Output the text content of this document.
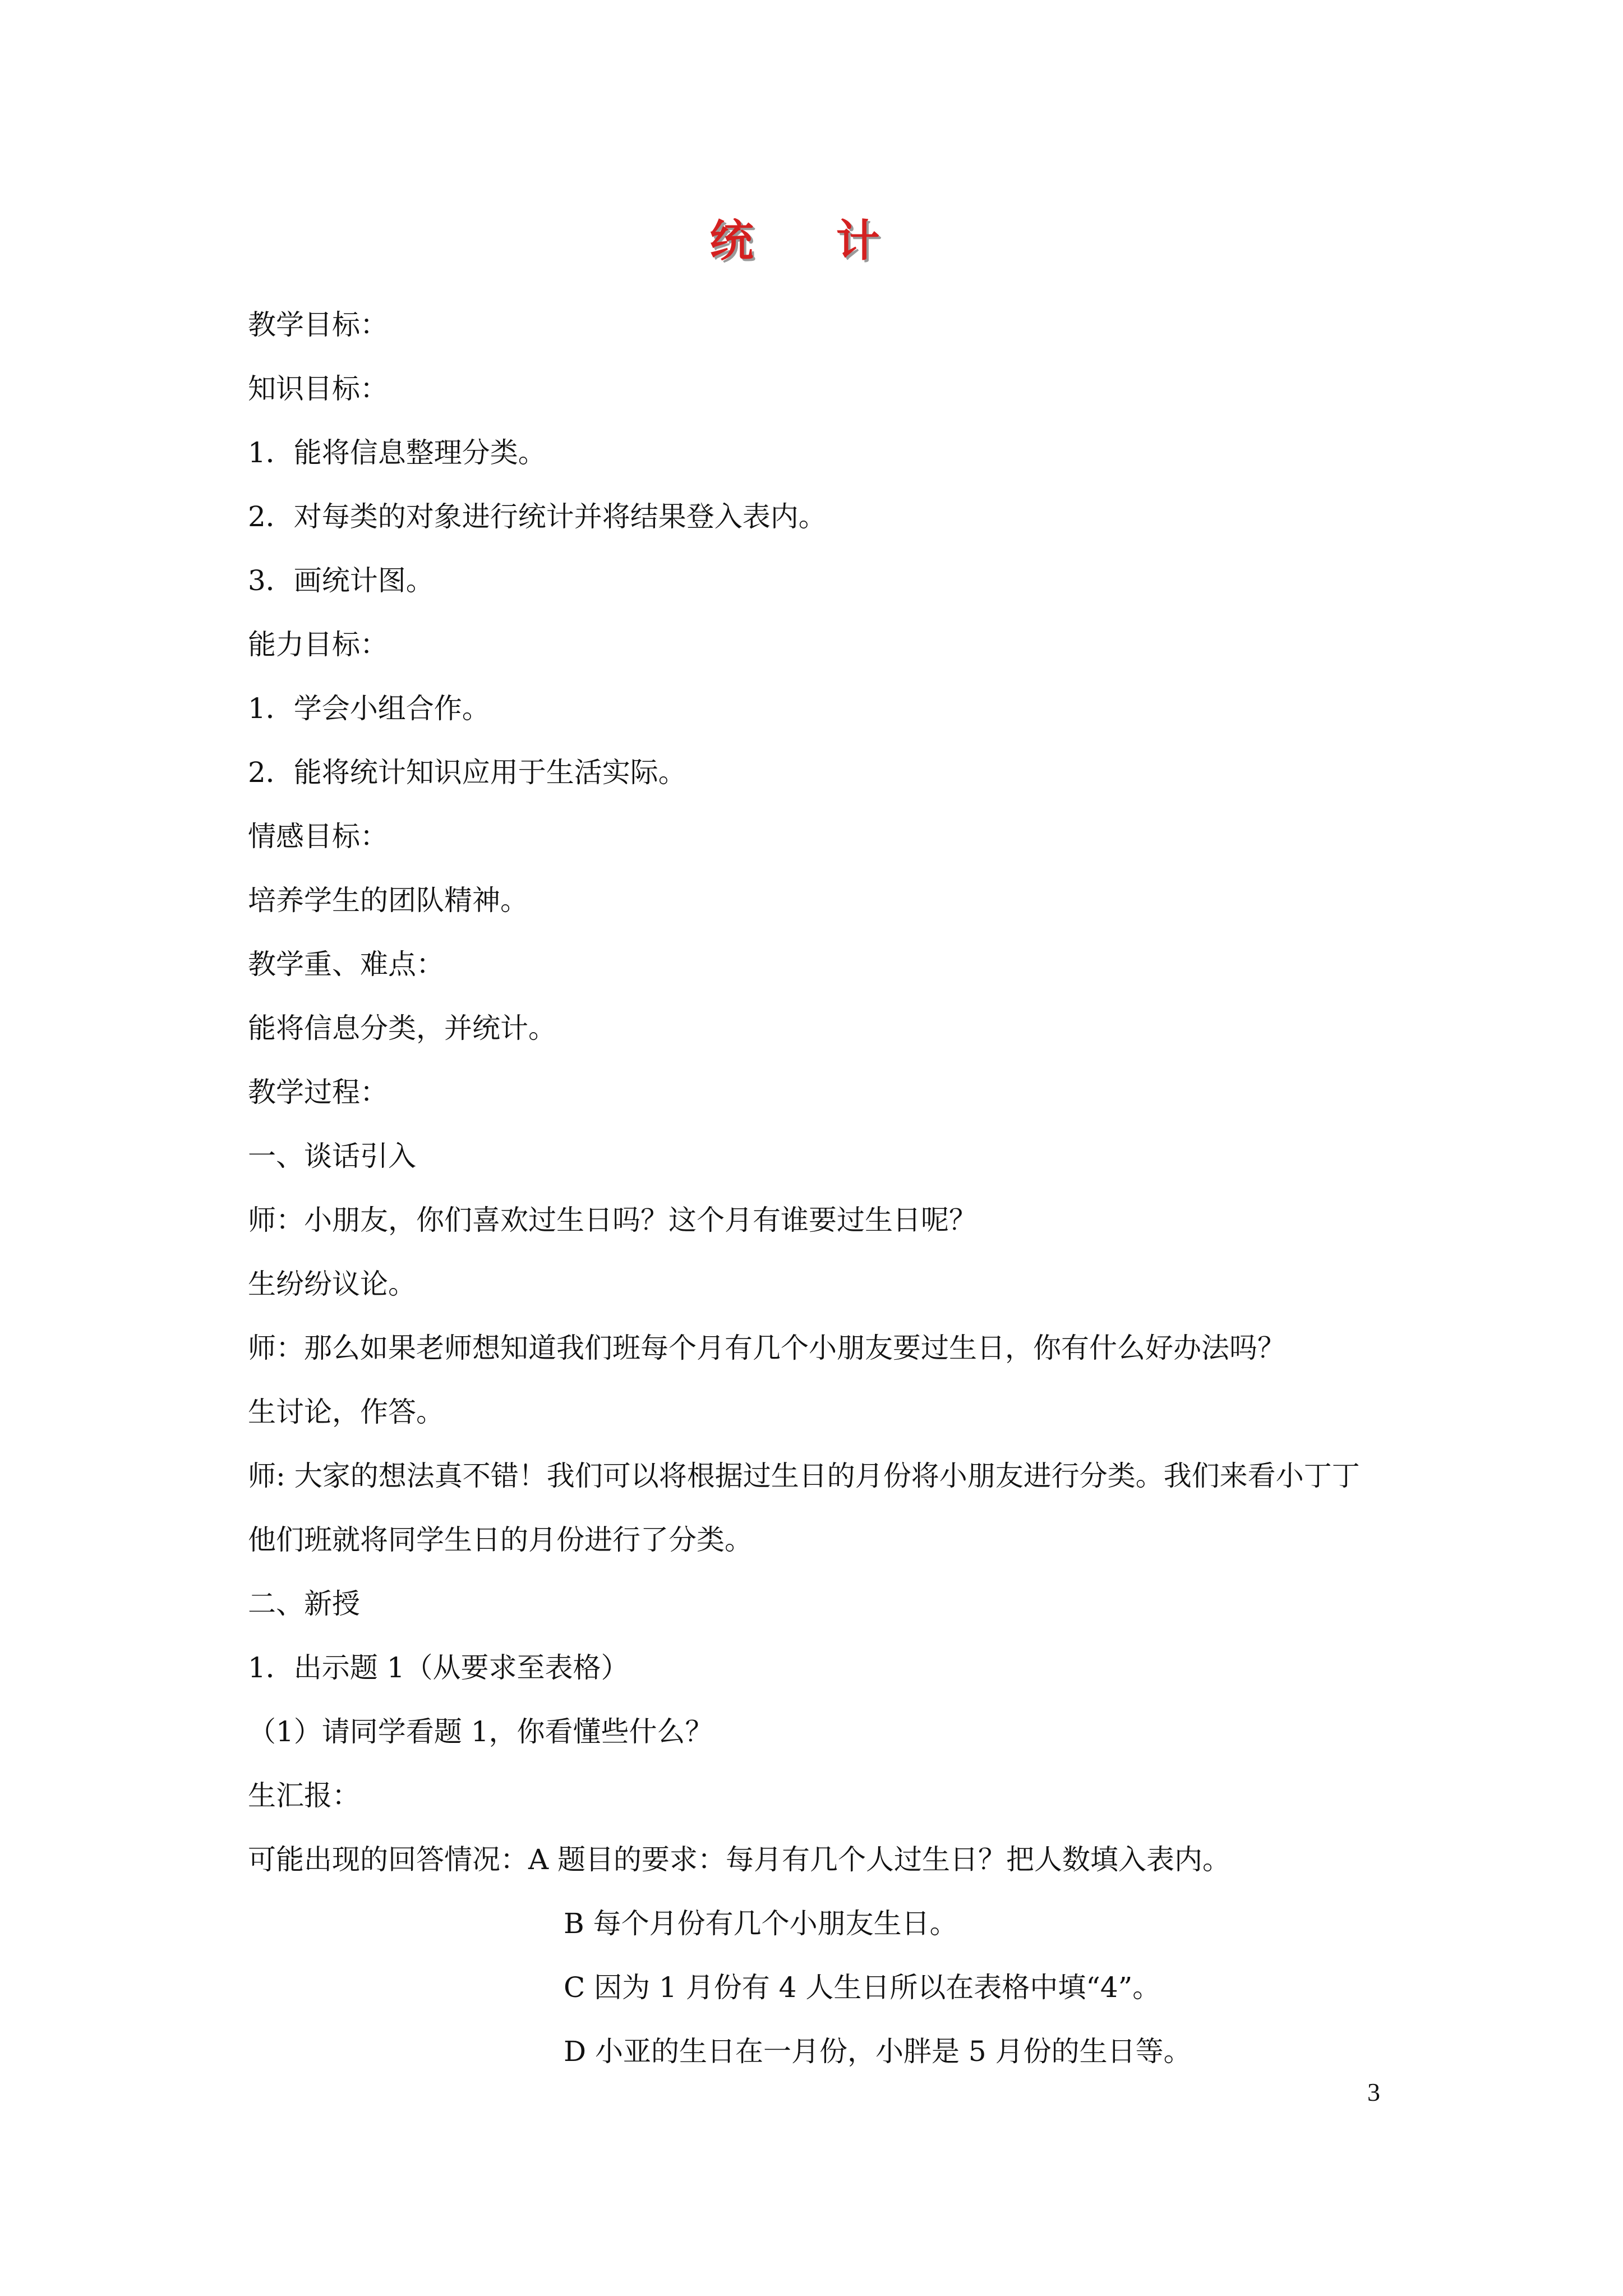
统 计
教学目标：
知识目标：
1．能将信息整理分类。
2．对每类的对象进行统计并将结果登入表内。
3．画统计图。
能力目标：
1．学会小组合作。
2．能将统计知识应用于生活实际。
情感目标：
培养学生的团队精神。
教学重、难点：
能将信息分类，并统计。
教学过程：
一、谈话引入
师：小朋友，你们喜欢过生日吗？这个月有谁要过生日呢？
生纷纷议论。
师：那么如果老师想知道我们班每个月有几个小朋友要过生日，你有什么好办法吗？
生讨论，作答。
师: 大家的想法真不错！我们可以将根据过生日的月份将小朋友进行分类。我们来看小丁丁
他们班就将同学生日的月份进行了分类。
二、新授
1．出示题 1（从要求至表格）
（1）请同学看题 1，你看懂些什么？
生汇报：
可能出现的回答情况：A 题目的要求：每月有几个人过生日？把人数填入表内。
B 每个月份有几个小朋友生日。
C 因为 1 月份有 4 人生日所以在表格中填“4”。
D 小亚的生日在一月份，小胖是 5 月份的生日等。
3
